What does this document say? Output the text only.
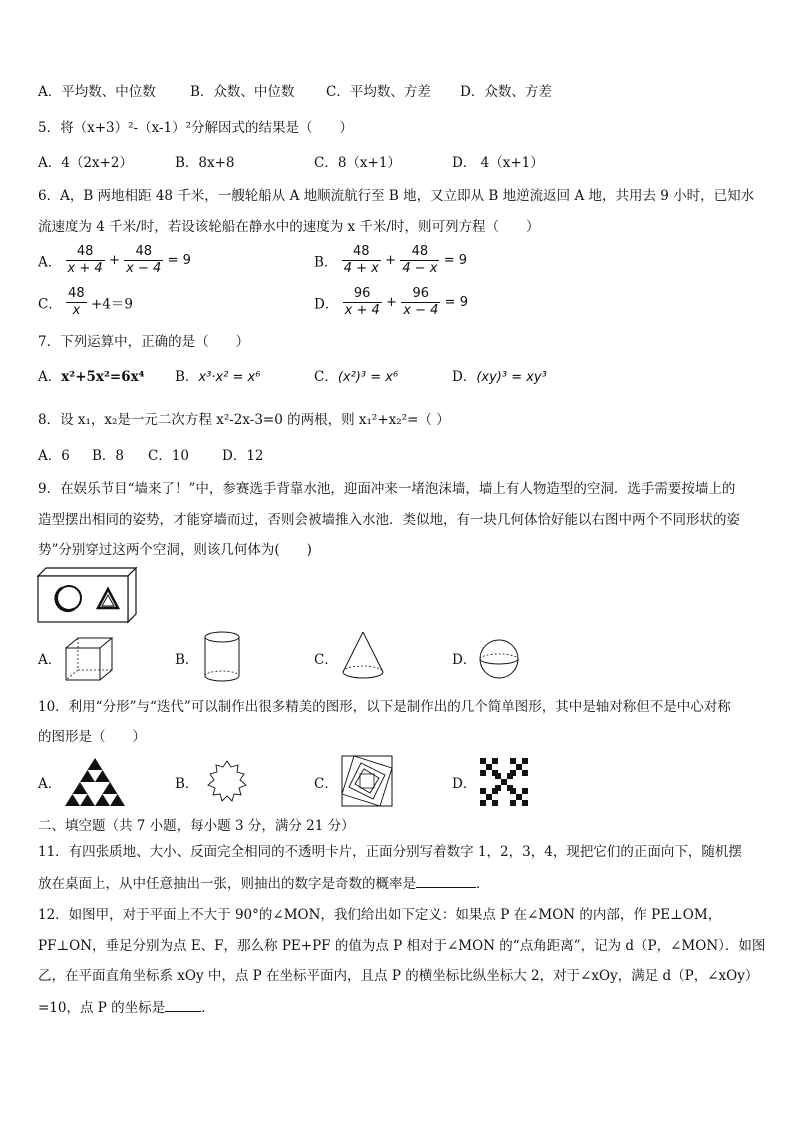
A．平均数、中位数	B．众数、中位数 C．平均数、方差 D．众数、方差
5．将（x+3）²-（x-1）²分解因式的结果是（　　）
A．4（2x+2）	B．8x+8	C．8（x+1）	D． 4（x+1）
6．A，B 两地相距 48 千米，一艘轮船从 A 地顺流航行至 B 地，又立即从 B 地逆流返回 A 地，共用去 9 小时，已知水
流速度为 4 千米/时，若设该轮船在静水中的速度为 x 千米/时，则可列方程（　　）
A． $\frac{48}{x + 4} + \frac{48}{x - 4} = 9$	B． $\frac{48}{4 + x} + \frac{48}{4 - x} = 9$
C． $\frac{48}{x} +4=9$	D． $\frac{96}{x + 4} + \frac{96}{x - 4} = 9$
7．下列运算中，正确的是（　　）
A．x²+5x²=6x⁴ B．x³·x² = x⁶	C．(x²)³ = x⁶	D．(xy)³ = xy³
8．设 x₁，x₂是一元二次方程 x²-2x-3=0 的两根，则 x₁²+x₂²=（ ）
A．6 B．8 C．10 D．12
9．在娱乐节目“墙来了！”中，参赛选手背靠水池，迎面冲来一堵泡沫墙，墙上有人物造型的空洞．选手需要按墙上的
造型摆出相同的姿势，才能穿墙而过，否则会被墙推入水池．类似地，有一块几何体恰好能以右图中两个不同形状的姿
势”分别穿过这两个空洞，则该几何体为(　　)
A．	B．	C．	D．
10．利用“分形”与“迭代”可以制作出很多精美的图形，以下是制作出的几个简单图形，其中是轴对称但不是中心对称
的图形是（　　）
A．	B．	C．	D．
二、填空题（共 7 小题，每小题 3 分，满分 21 分）
11．有四张质地、大小、反面完全相同的不透明卡片，正面分别写着数字 1，2，3，4，现把它们的正面向下，随机摆
放在桌面上，从中任意抽出一张，则抽出的数字是奇数的概率是	．
12．如图甲，对于平面上不大于 90°的∠MON，我们给出如下定义：如果点 P 在∠MON 的内部，作 PE⊥OM，
PF⊥ON，垂足分别为点 E、F，那么称 PE+PF 的值为点 P 相对于∠MON 的“点角距离”，记为 d（P，∠MON）．如图
乙，在平面直角坐标系 xOy 中，点 P 在坐标平面内，且点 P 的横坐标比纵坐标大 2，对于∠xOy，满足 d（P，∠xOy）
=10，点 P 的坐标是	．
